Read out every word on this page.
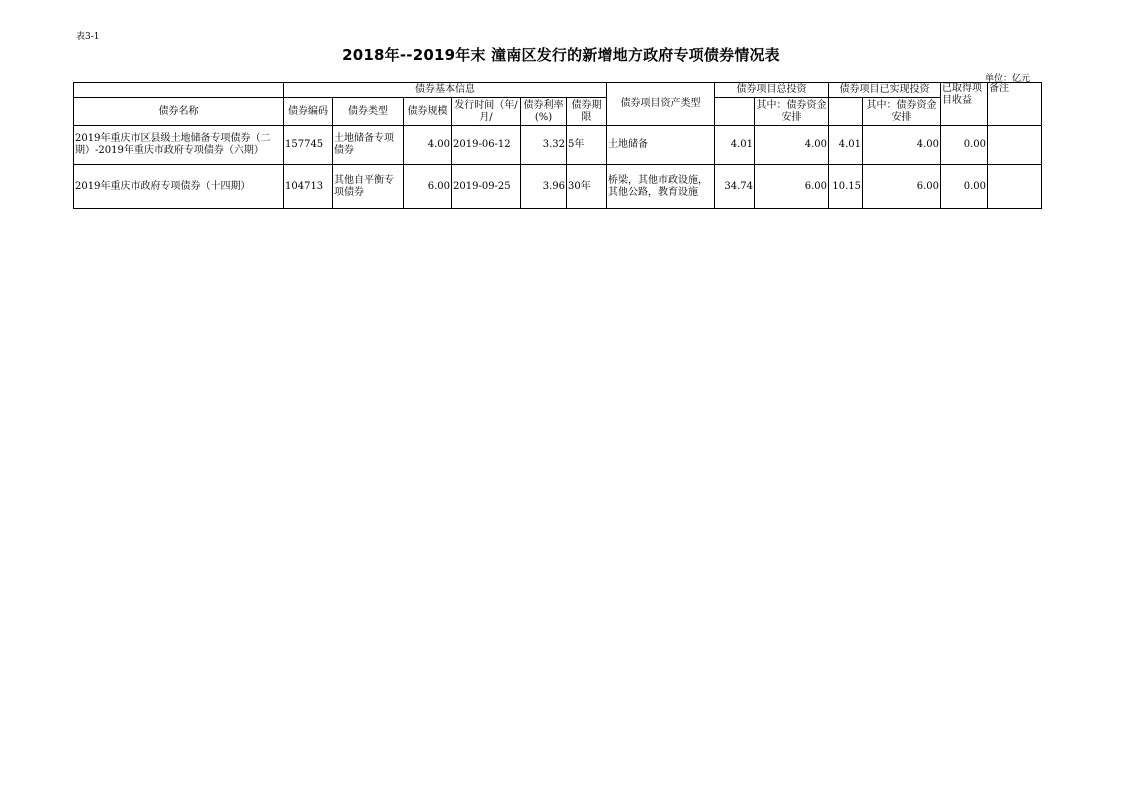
表3-1
2018年--2019年末 潼南区发行的新增地方政府专项债券情况表
单位：亿元
	债券基本信息						债券项目资产类型	债券项目总投资		债券项目已实现投资		已取得项目收益	备注
债券名称	债券编码	债券类型	债券规模	发行时间（年/月/	债券利率(%)	债券期限			其中：债券资金安排		其中：债券资金安排		
2019年重庆市区县级土地储备专项债券（二期）-2019年重庆市政府专项债券（六期）	157745	土地储备专项债券	4.00	2019-06-12	3.32	5年	土地储备	4.01	4.00	4.01	4.00	0.00	
2019年重庆市政府专项债券（十四期）	104713	其他自平衡专项债券	6.00	2019-09-25	3.96	30年	桥梁，其他市政设施，其他公路，教育设施	34.74	6.00	10.15	6.00	0.00	
